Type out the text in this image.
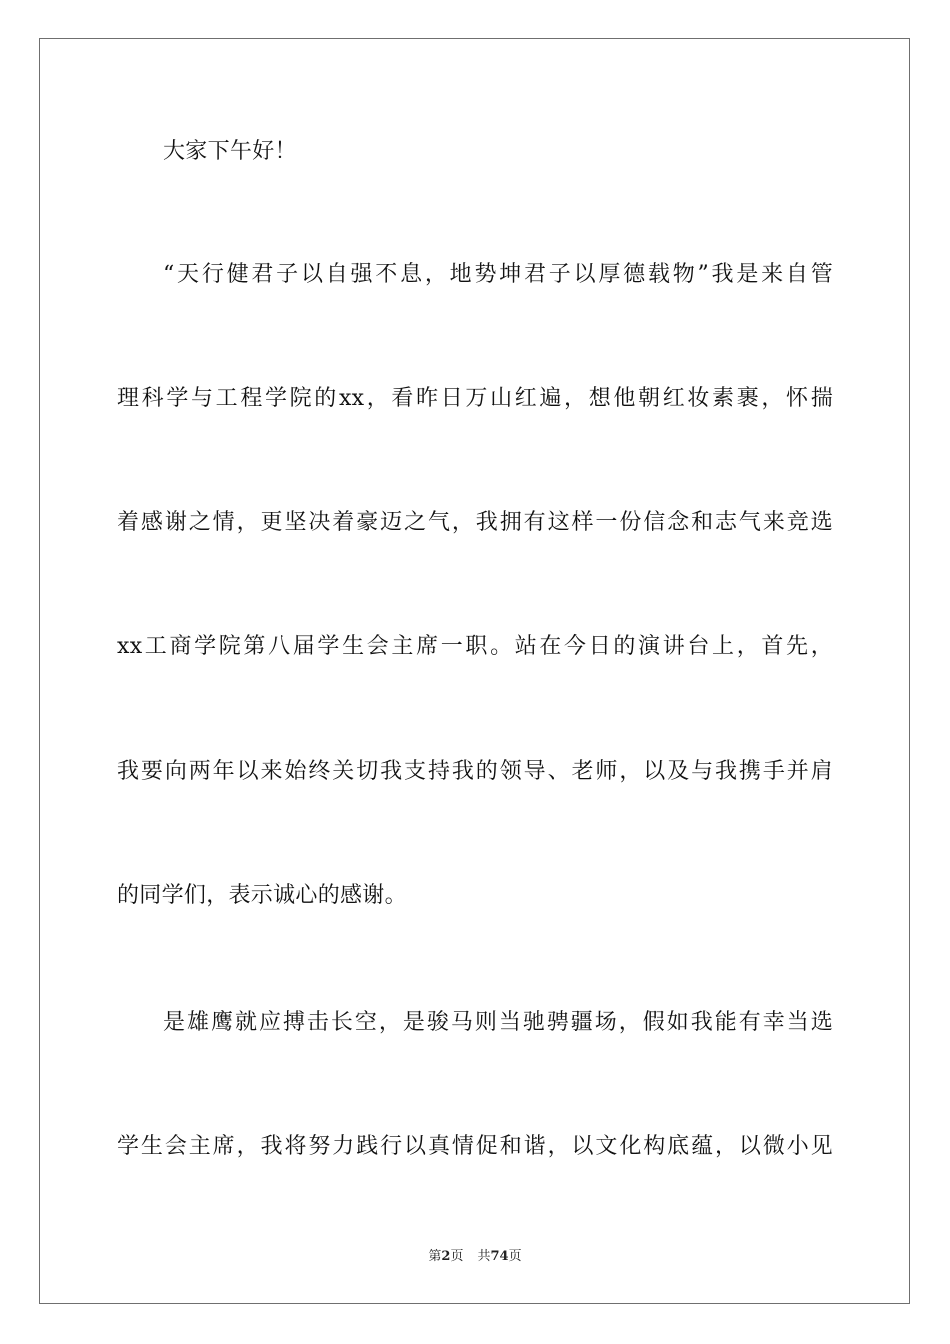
大家下午好！
“天行健君子以自强不息，地势坤君子以厚德载物”我是来自管
理科学与工程学院的xx，看昨日万山红遍，想他朝红妆素裹，怀揣
着感谢之情，更坚决着豪迈之气，我拥有这样一份信念和志气来竞选
xx工商学院第八届学生会主席一职。站在今日的演讲台上，首先，
我要向两年以来始终关切我支持我的领导、老师，以及与我携手并肩
的同学们，表示诚心的感谢。
是雄鹰就应搏击长空，是骏马则当驰骋疆场，假如我能有幸当选
学生会主席，我将努力践行以真情促和谐，以文化构底蕴，以微小见
第2页 共74页
